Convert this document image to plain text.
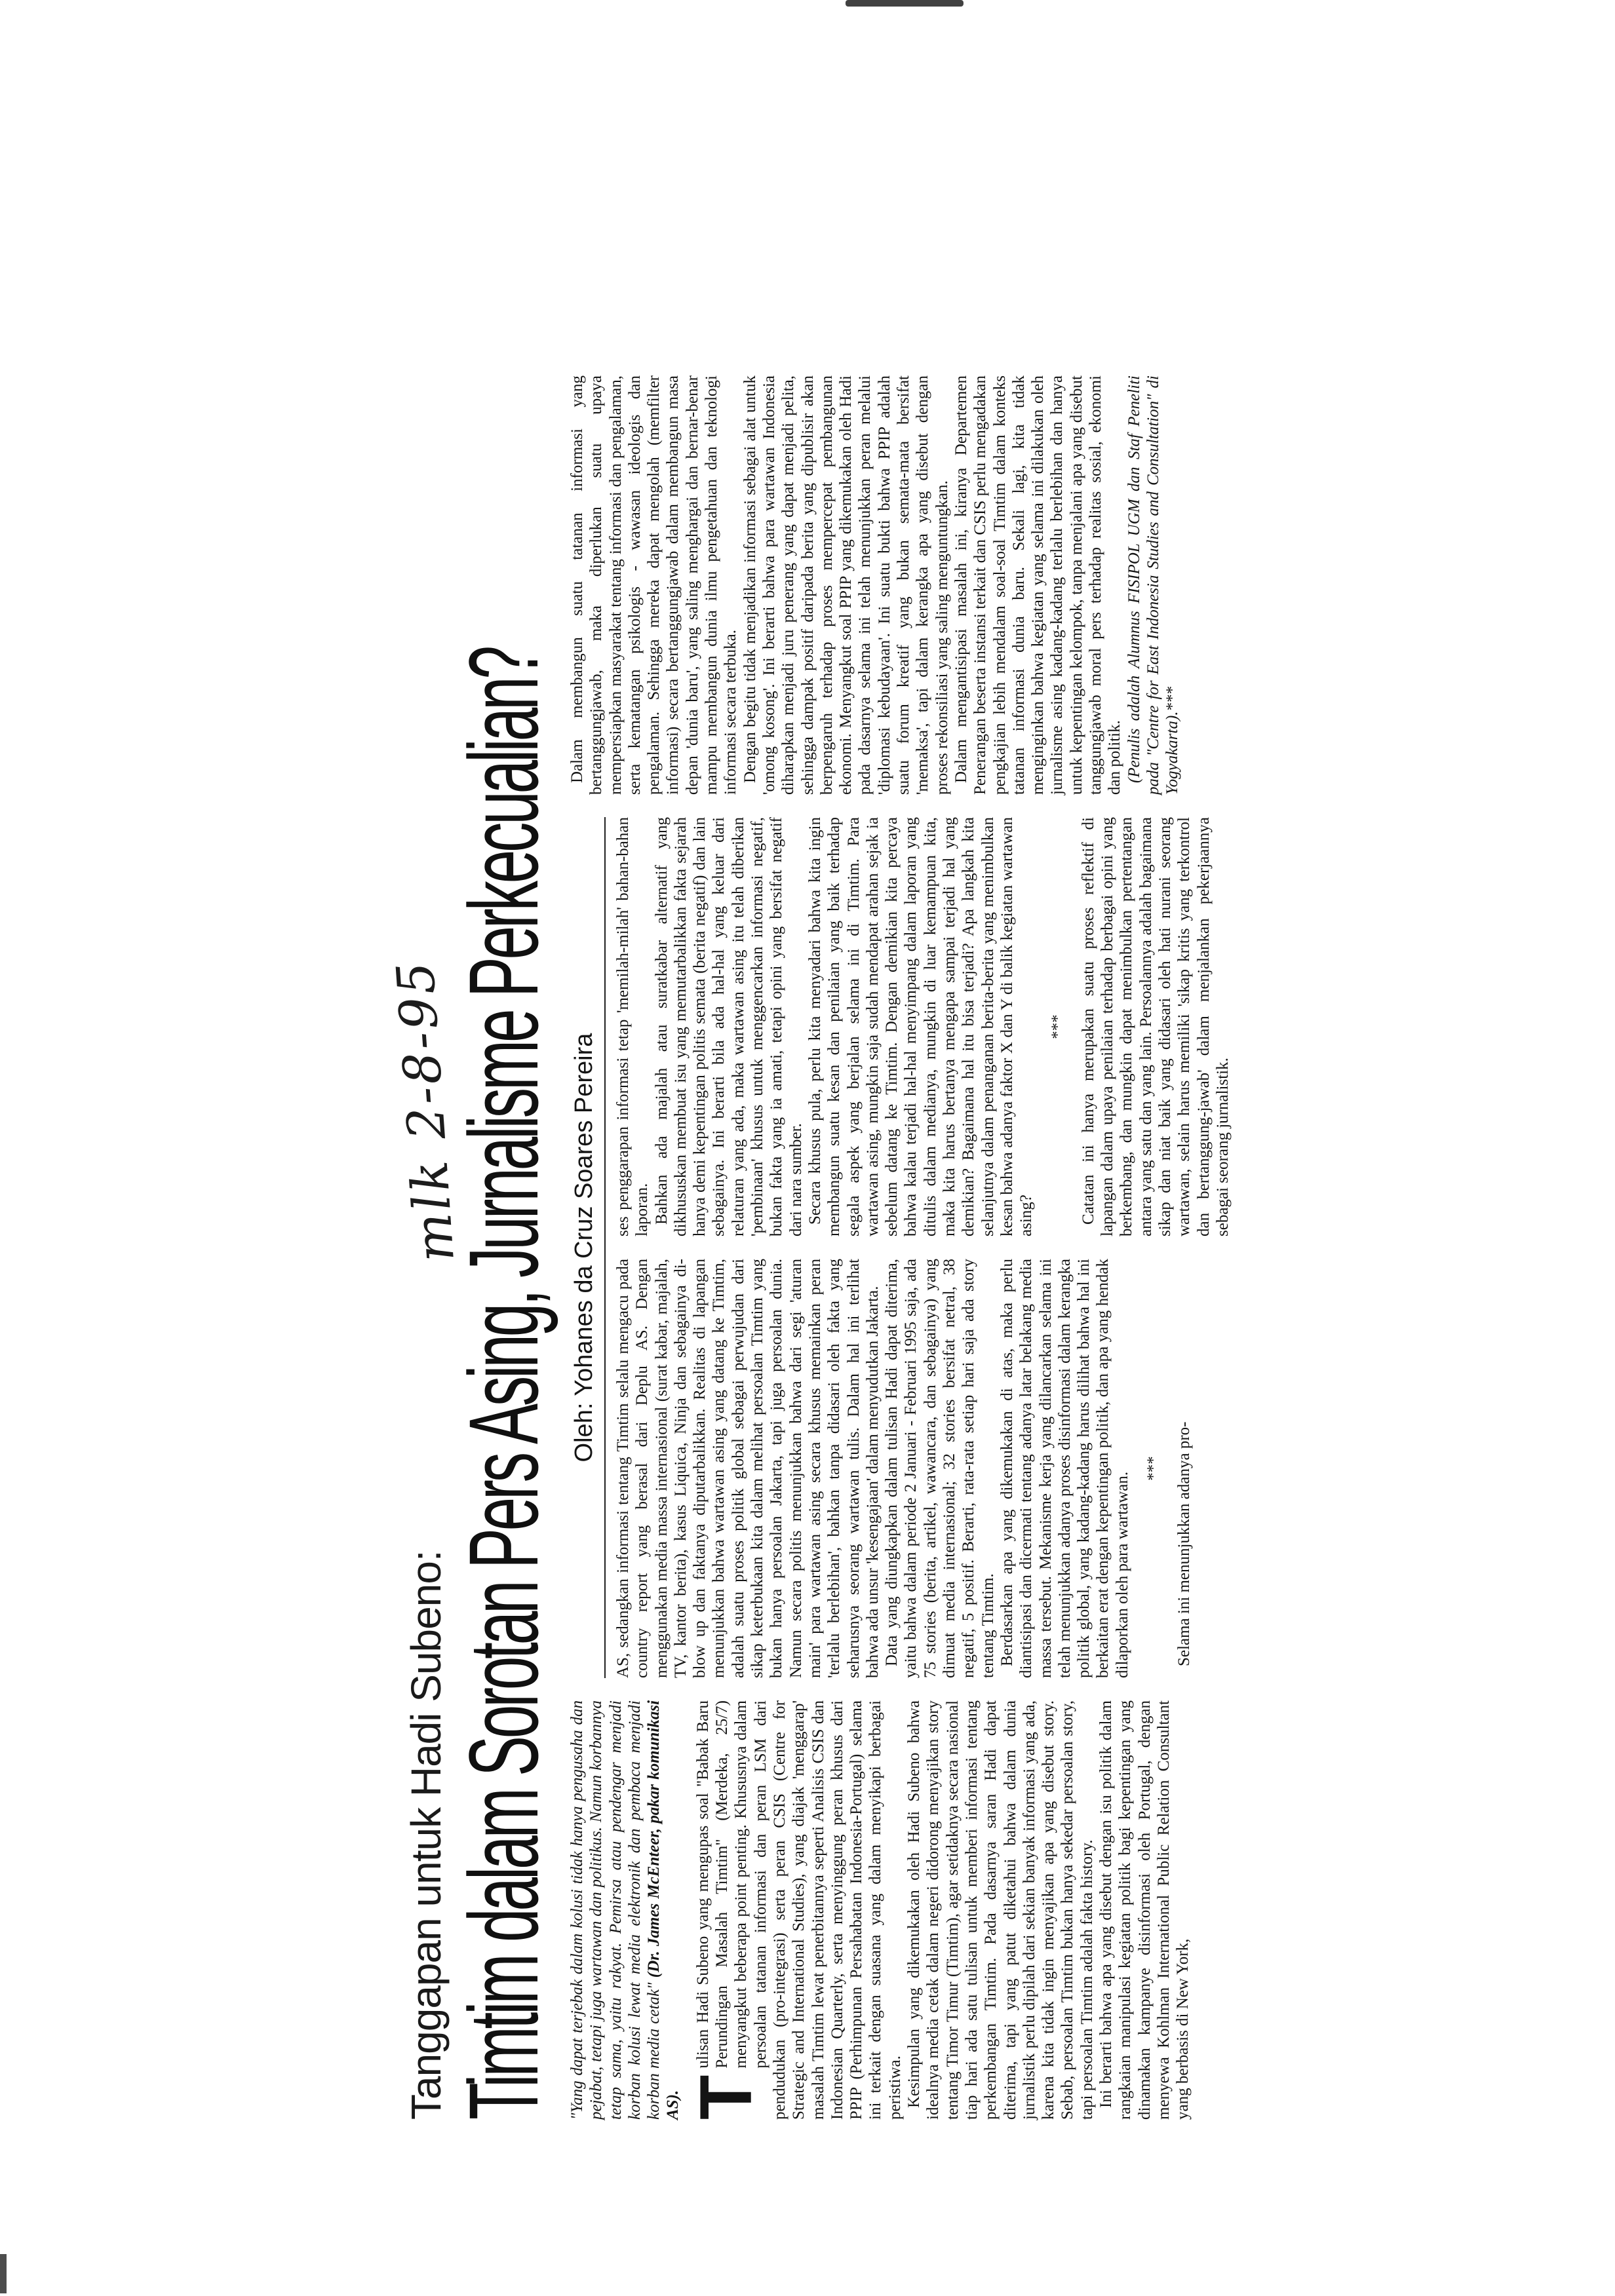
Tanggapan untuk Hadi Subeno:
mlk 2-8-95
Timtim dalam Sorotan Pers Asing, Jurnalisme Perkecualian? "Yang dapat terjebak dalam kolusi tidak hanya pengusaha dan pejabat, tetapi juga wartawan dan politikus. Namun korbannya tetap sama, yaitu rakyat. Pemirsa atau pendengar menjadi korban kolusi lewat media elektronik dan pembaca menjadi korban media cetak" (Dr. James McEnteer, pakar komunikasi AS). T
ulisan Hadi Subeno yang mengupas soal "Babak Baru Perundingan Masalah Timtim" (Merdeka, 25/7) menyangkut beberapa point penting. Khususnya dalam persoalan tatanan informasi dan peran LSM dari pendudukan (pro-integrasi) serta peran CSIS (Centre for Strategic and International Studies), yang diajak 'menggarap' masalah Timtim lewat penerbitannya seperti Analisis CSIS dan Indonesian Quarterly, serta menyinggung peran khusus dari PPIP (Perhimpunan Persahabatan Indonesia-Portugal) selama ini terkait dengan suasana yang dalam menyikapi berbagai peristiwa. Kesimpulan yang dikemukakan oleh Hadi Subeno bahwa idealnya media cetak dalam negeri didorong menyajikan story tentang Timor Timur (Timtim), agar setidaknya secara nasional tiap hari ada satu tulisan untuk memberi informasi tentang perkembangan Timtim. Pada dasarnya saran Hadi dapat diterima, tapi yang patut diketahui bahwa dalam dunia jurnalistik perlu dipilah dari sekian banyak informasi yang ada, karena kita tidak ingin menyajikan apa yang disebut story. Sebab, persoalan Timtim bukan hanya sekedar persoalan story, tapi persoalan Timtim adalah fakta history. Ini berarti bahwa apa yang disebut dengan isu politik dalam rangkaian manipulasi kegiatan politik bagi kepentingan yang dinamakan kampanye disinformasi oleh Portugal, dengan menyewa Kohlman International Public Relation Consultant yang berbasis di New York,

Oleh: Yohanes da Cruz Soares Pereira

AS, sedangkan informasi tentang Timtim selalu mengacu pada country report yang berasal dari Deplu AS. Dengan menggunakan media massa internasional (surat kabar, majalah, TV, kantor berita), kasus Liquica, Ninja dan sebagainya di-blow up dan faktanya diputarbalikkan. Realitas di lapangan menunjukkan bahwa wartawan asing yang datang ke Timtim, adalah suatu proses politik global sebagai perwujudan dari sikap keterbukaan kita dalam melihat persoalan Timtim yang bukan hanya persoalan Jakarta, tapi juga persoalan dunia. Namun secara politis menunjukkan bahwa dari segi 'aturan main' para wartawan asing secara khusus memainkan peran 'terlalu berlebihan', bahkan tanpa didasari oleh fakta yang seharusnya seorang wartawan tulis. Dalam hal ini terlihat bahwa ada unsur 'kesengajaan' dalam menyudutkan Jakarta. Data yang diungkapkan dalam tulisan Hadi dapat diterima, yaitu bahwa dalam periode 2 Januari - Februari 1995 saja, ada 75 stories (berita, artikel, wawancara, dan sebagainya) yang dimuat media internasional; 32 stories bersifat netral, 38 negatif, 5 positif. Berarti, rata-rata setiap hari saja ada story tentang Timtim. Berdasarkan apa yang dikemukakan di atas, maka perlu diantisipasi dan dicermati tentang adanya latar belakang media massa tersebut. Mekanisme kerja yang dilancarkan selama ini telah menunjukkan adanya proses disinformasi dalam kerangka politik global, yang kadang-kadang harus dilihat bahwa hal ini berkaitan erat dengan kepentingan politik, dan apa yang hendak dilaporkan oleh para wartawan.

*** Selama ini menunjukkan adanya pro-

ses penggarapan informasi tetap 'memilah-milah' bahan-bahan laporan. Bahkan ada majalah atau suratkabar alternatif yang dikhususkan membuat isu yang memutarbalikkan fakta sejarah hanya demi kepentingan politis semata (berita negatif) dan lain sebagainya. Ini berarti bila ada hal-hal yang keluar dari relaturan yang ada, maka wartawan asing itu telah diberikan 'pembinaan' khusus untuk menggencarkan informasi negatif, bukan fakta yang ia amati, tetapi opini yang bersifat negatif dari nara sumber. Secara khusus pula, perlu kita menyadari bahwa kita ingin membangun suatu kesan dan penilaian yang baik terhadap segala aspek yang berjalan selama ini di Timtim. Para wartawan asing, mungkin saja sudah mendapat arahan sejak ia sebelum datang ke Timtim. Dengan demikian kita percaya bahwa kalau terjadi hal-hal menyimpang dalam laporan yang ditulis dalam medianya, mungkin di luar kemampuan kita, maka kita harus bertanya mengapa sampai terjadi hal yang demikian? Bagaimana hal itu bisa terjadi? Apa langkah kita selanjutnya dalam penanganan berita-berita yang menimbulkan kesan bahwa adanya faktor X dan Y di balik kegiatan wartawan asing?

*** Catatan ini hanya merupakan suatu proses reflektif di lapangan dalam upaya penilaian terhadap berbagai opini yang berkembang, dan mungkin dapat menimbulkan pertentangan antara yang satu dan yang lain. Persoalannya adalah bagaimana sikap dan niat baik yang didasari oleh hati nurani seorang wartawan, selain harus memiliki 'sikap kritis yang terkontrol dan bertanggung-jawab' dalam menjalankan pekerjaannya sebagai seorang jurnalistik.

Dalam membangun suatu tatanan informasi yang bertanggungjawab, maka diperlukan suatu upaya mempersiapkan masyarakat tentang informasi dan pengalaman, serta kematangan psikologis - wawasan ideologis dan pengalaman. Sehingga mereka dapat mengolah (memfilter informasi) secara bertanggungjawab dalam membangun masa depan 'dunia baru', yang saling menghargai dan bernar-benar mampu membangun dunia ilmu pengetahuan dan teknologi informasi secara terbuka. Dengan begitu tidak menjadikan informasi sebagai alat untuk 'omong kosong'. Ini berarti bahwa para wartawan Indonesia diharapkan menjadi juru penerang yang dapat menjadi pelita, sehingga dampak positif daripada berita yang dipublisir akan berpengaruh terhadap proses mempercepat pembangunan ekonomi. Menyangkut soal PPIP yang dikemukakan oleh Hadi pada dasarnya selama ini telah menunjukkan peran melalui 'diplomasi kebudayaan'. Ini suatu bukti bahwa PPIP adalah suatu forum kreatif yang bukan semata-mata bersifat 'memaksa', tapi dalam kerangka apa yang disebut dengan proses rekonsiliasi yang saling menguntungkan. Dalam mengantisipasi masalah ini, kiranya Departemen Penerangan beserta instansi terkait dan CSIS perlu mengadakan pengkajian lebih mendalam soal-soal Timtim dalam konteks tatanan informasi dunia baru. Sekali lagi, kita tidak menginginkan bahwa kegiatan yang selama ini dilakukan oleh jurnalisme asing kadang-kadang terlalu berlebihan dan hanya untuk kepentingan kelompok, tanpa menjalani apa yang disebut tanggungjawab moral pers terhadap realitas sosial, ekonomi dan politik. (Penulis adalah Alumnus FISIPOL UGM dan Staf Peneliti pada "Centre for East Indonesia Studies and Consultation" di Yogyakarta).***
